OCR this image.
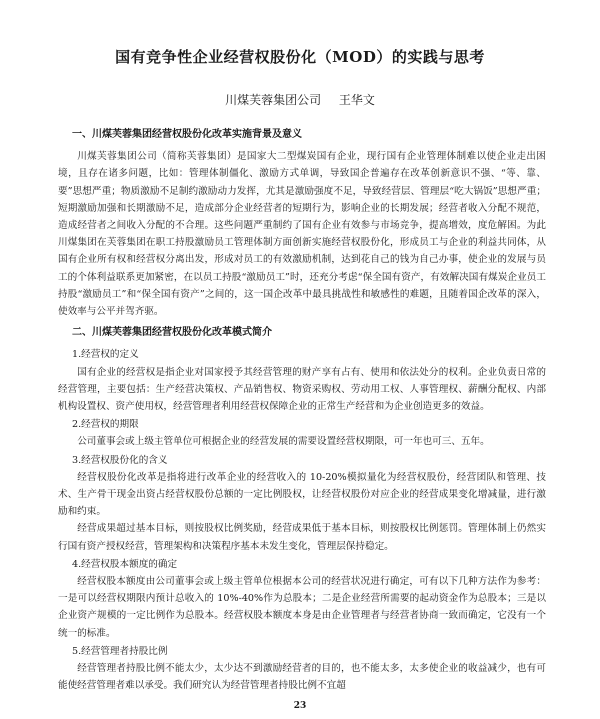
国有竞争性企业经营权股份化（MOD）的实践与思考
川煤芙蓉集团公司 王华文
一、川煤芙蓉集团经营权股份化改革实施背景及意义

川煤芙蓉集团公司（简称芙蓉集团）是国家大二型煤炭国有企业，现行国有企业管理体制难以使企业走出困境，且存在诸多问题，比如：管理体制僵化、激励方式单调，导致国企普遍存在改革创新意识不强、“等、靠、要”思想严重；物质激励不足制约激励动力发挥，尤其是激励强度不足，导致经营层、管理层“吃大锅饭”思想严重；短期激励加强和长期激励不足，造成部分企业经营者的短期行为，影响企业的长期发展；经营者收入分配不规范，造成经营者之间收入分配的不合理。这些问题严重制约了国有企业有效参与市场竞争，提高增效，度危解困。为此川煤集团在芙蓉集团在职工持股激励员工管理体制方面创新实施经营权股份化，形成员工与企业的利益共同体，从国有企业所有权和经营权分离出发，形成对员工的有效激励机制，达到花自己的钱为自己办事，使企业的发展与员工的个体利益联系更加紧密，在以员工持股“激励员工”时，还充分考虑“保全国有资产，有效解决国有煤炭企业员工持股“激励员工”和“保全国有资产”之间的，这一国企改革中最具挑战性和敏感性的难题，且随着国企改革的深入，使效率与公平并驾齐驱。

二、川煤芙蓉集团经营权股份化改革模式简介
1.经营权的定义

国有企业的经营权是指企业对国家授予其经营管理的财产享有占有、使用和依法处分的权利。企业负责日常的经营管理，主要包括：生产经营决策权、产品销售权、物资采购权、劳动用工权、人事管理权、薪酬分配权、内部机构设置权、资产使用权，经营管理者利用经营权保障企业的正常生产经营和为企业创造更多的效益。

2.经营权的期限

公司董事会或上级主管单位可根据企业的经营发展的需要设置经营权期限，可一年也可三、五年。

3.经营权股份化的含义

经营权股份化改革是指将进行改革企业的经营收入的 10-20%模拟量化为经营权股份，经营团队和管理、技术、生产骨干现金出资占经营权股份总额的一定比例股权，让经营权股份对应企业的经营成果变化增减量，进行激励和约束。

经营成果超过基本目标，则按股权比例奖励，经营成果低于基本目标，则按股权比例惩罚。管理体制上仍然实行国有资产授权经营，管理架构和决策程序基本未发生变化，管理层保持稳定。

4.经营权股本额度的确定

经营权股本额度由公司董事会或上级主管单位根据本公司的经营状况进行确定，可有以下几种方法作为参考：一是可以经营权期限内预计总收入的 10%-40%作为总股本；二是企业经营所需要的起动资金作为总股本；三是以企业资产规模的一定比例作为总股本。经营权股本额度本身是由企业管理者与经营者协商一致而确定，它没有一个统一的标准。

5.经营管理者持股比例

经营管理者持股比例不能太少，太少达不到激励经营者的目的，也不能太多，太多使企业的收益减少，也有可能使经营管理者难以承受。我们研究认为经营管理者持股比例不宜超

23
